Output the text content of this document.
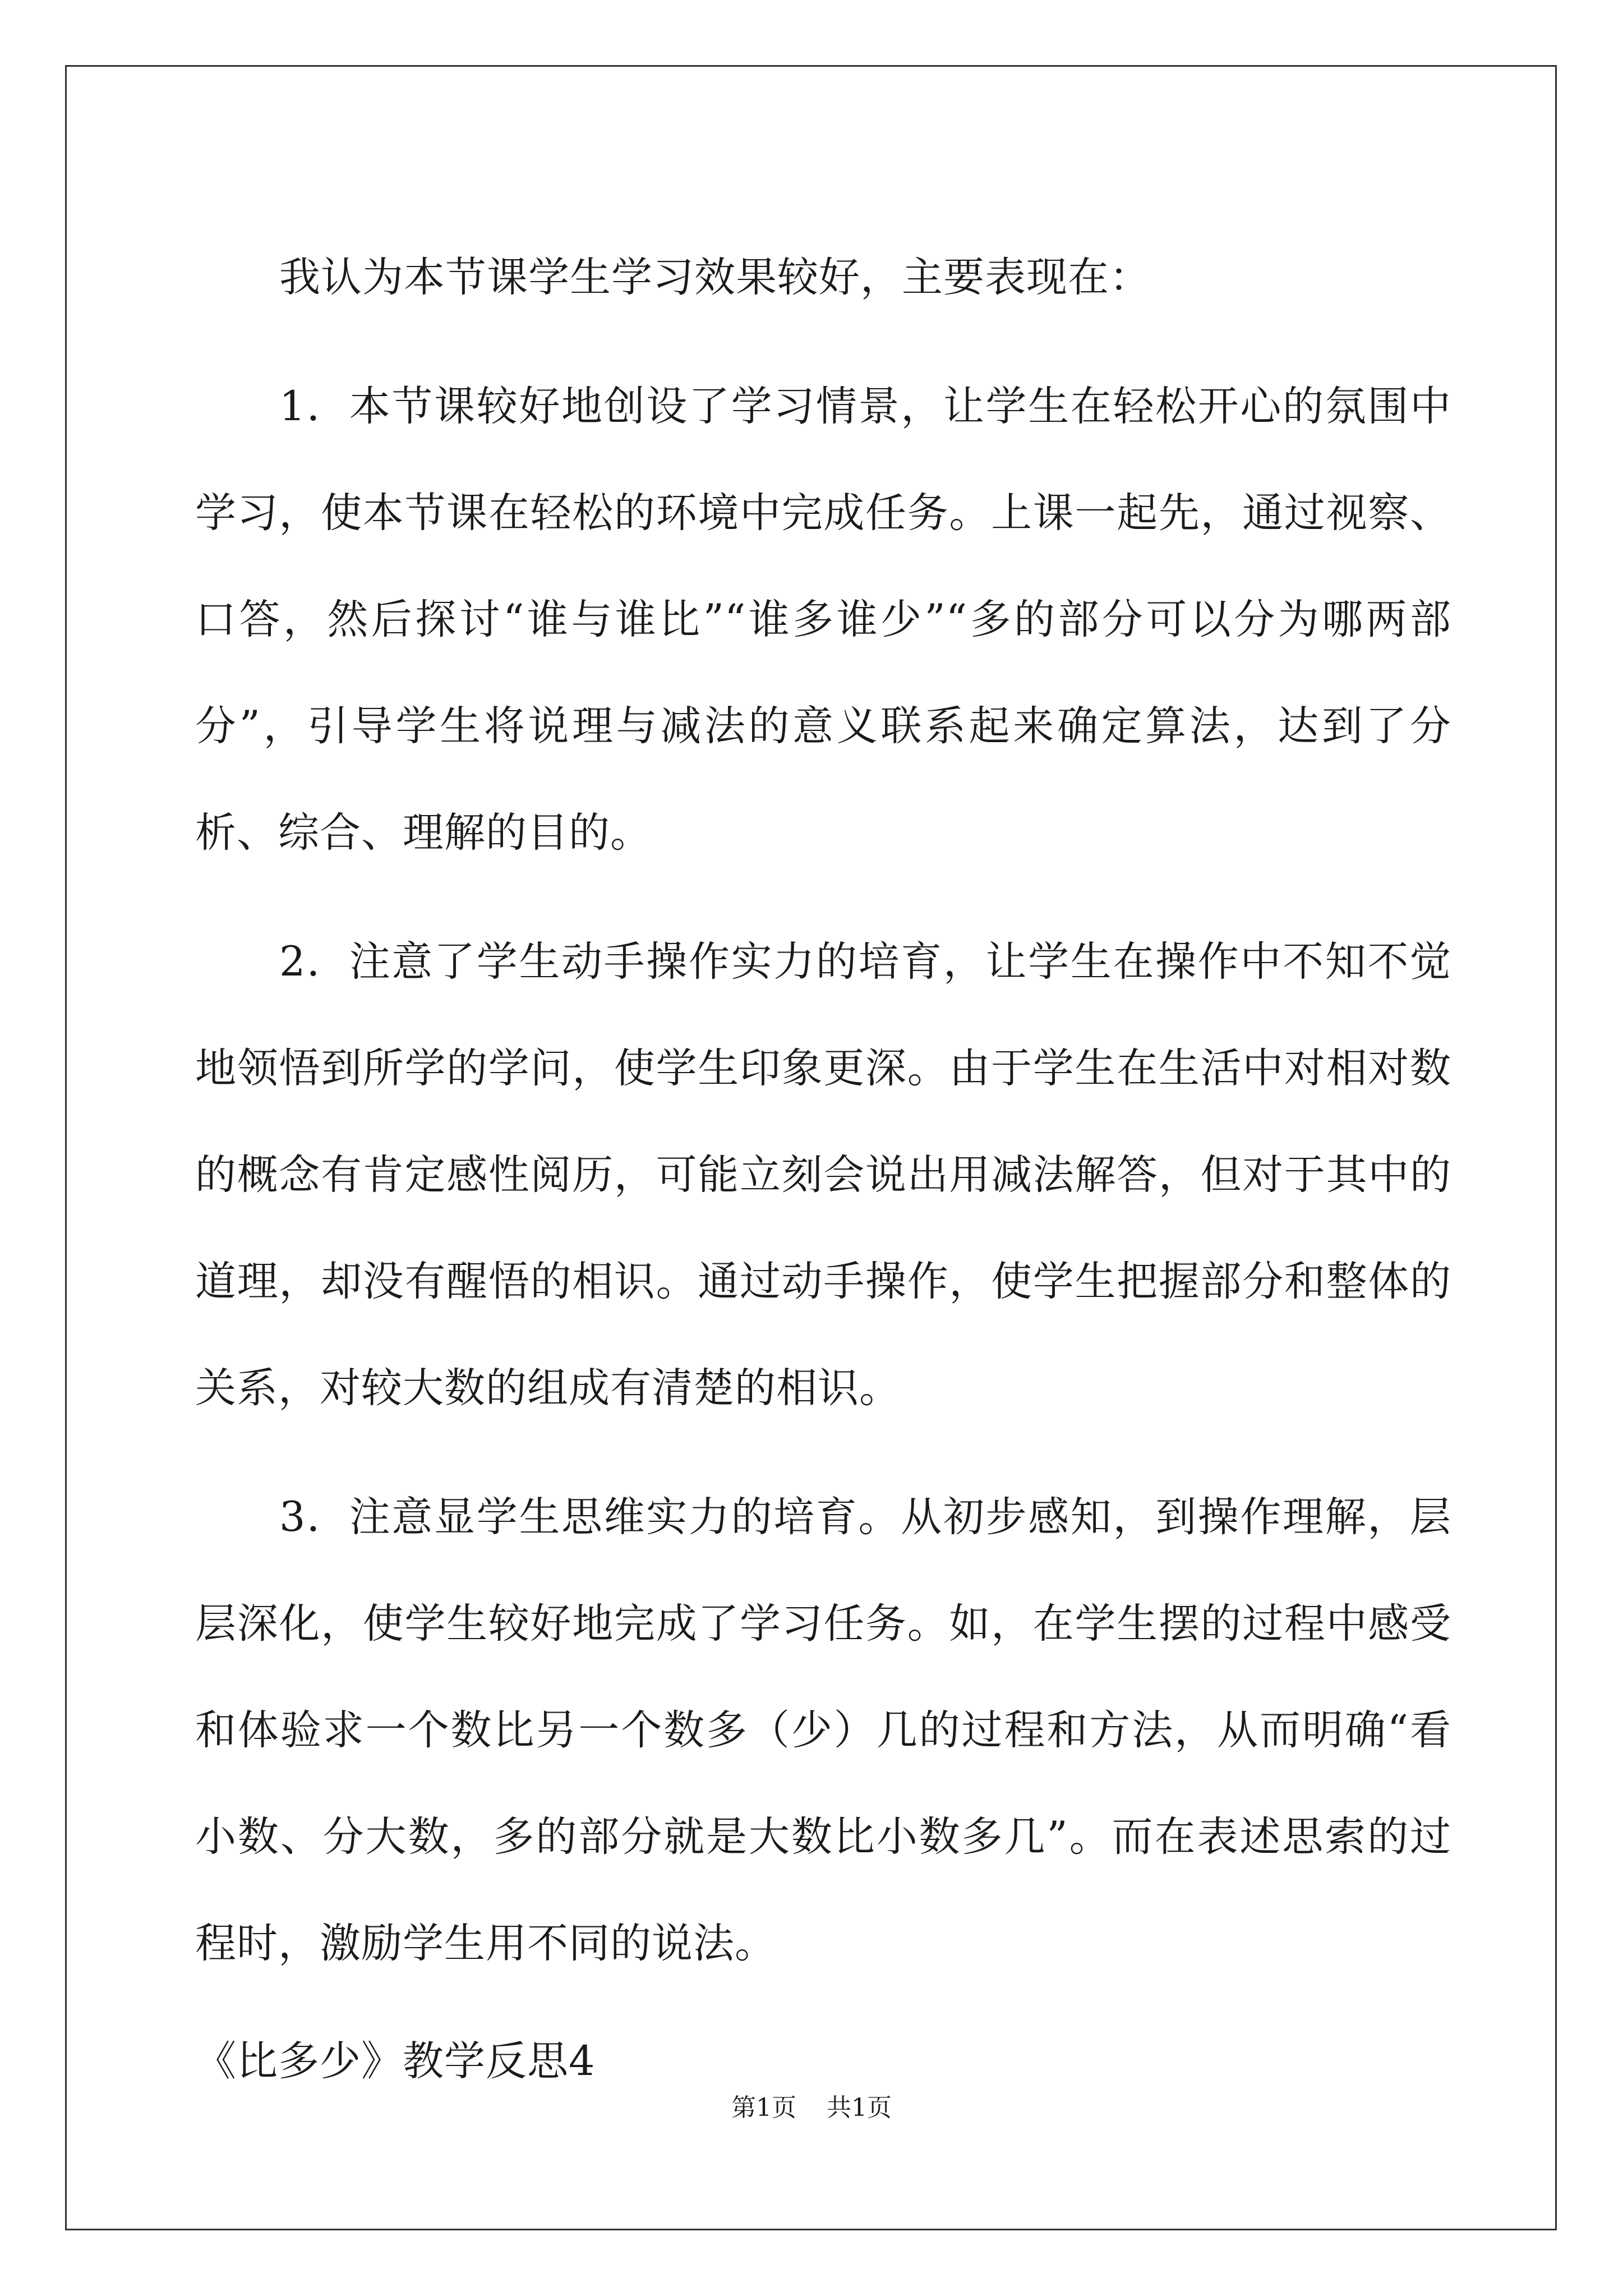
我认为本节课学生学习效果较好，主要表现在：

1．本节课较好地创设了学习情景，让学生在轻松开心的氛围中学习，使本节课在轻松的环境中完成任务。上课一起先，通过视察、口答，然后探讨“谁与谁比”“谁多谁少”“多的部分可以分为哪两部分”，引导学生将说理与减法的意义联系起来确定算法，达到了分析、综合、理解的目的。

2．注意了学生动手操作实力的培育，让学生在操作中不知不觉地领悟到所学的学问，使学生印象更深。由于学生在生活中对相对数的概念有肯定感性阅历，可能立刻会说出用减法解答，但对于其中的道理，却没有醒悟的相识。通过动手操作，使学生把握部分和整体的关系，对较大数的组成有清楚的相识。

3．注意显学生思维实力的培育。从初步感知，到操作理解，层层深化，使学生较好地完成了学习任务。如，在学生摆的过程中感受和体验求一个数比另一个数多（少）几的过程和方法，从而明确“看小数、分大数，多的部分就是大数比小数多几”。而在表述思索的过程时，激励学生用不同的说法。

《比多少》教学反思4

第1页 共1页
